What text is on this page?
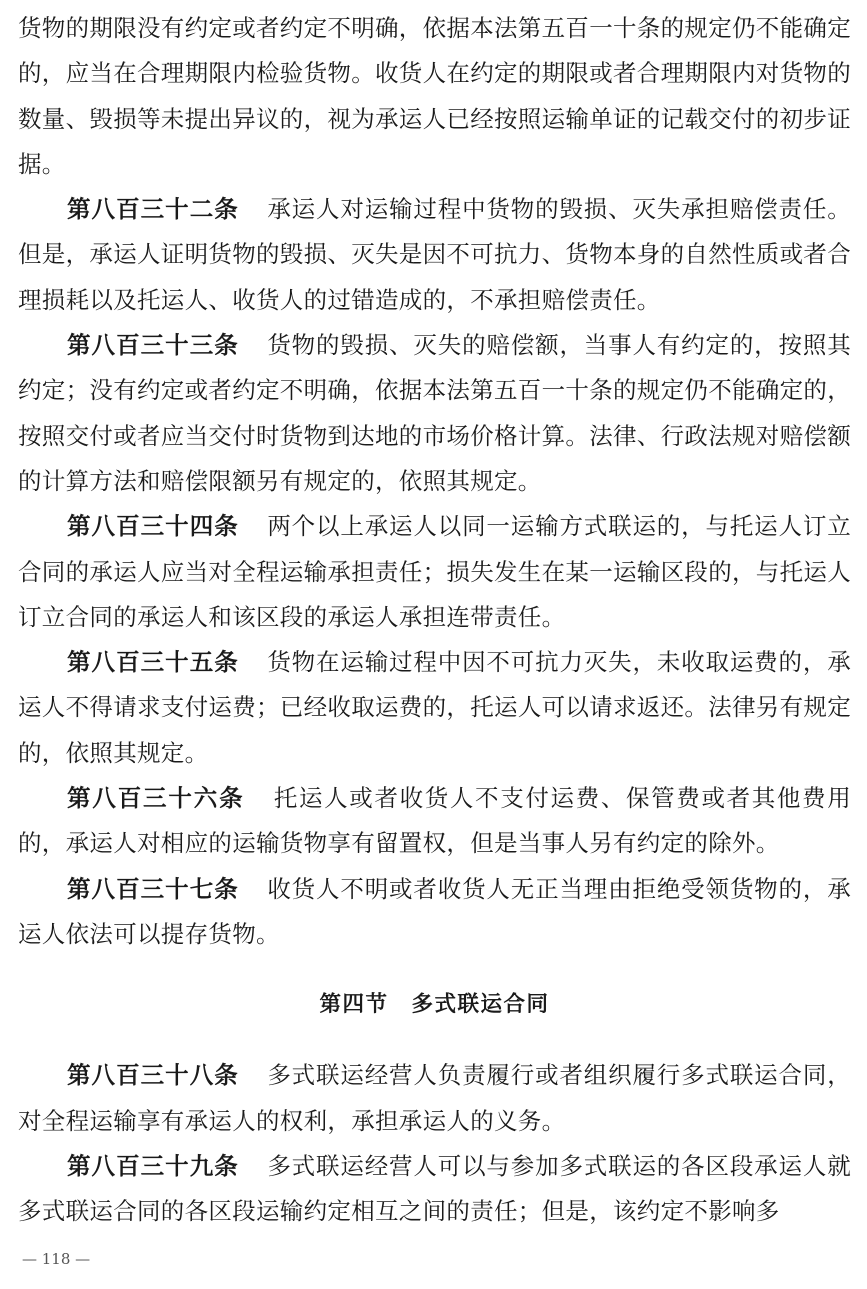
货物的期限没有约定或者约定不明确，依据本法第五百一十条的规定仍不能确定的，应当在合理期限内检验货物。收货人在约定的期限或者合理期限内对货物的数量、毁损等未提出异议的，视为承运人已经按照运输单证的记载交付的初步证据。

第八百三十二条 承运人对运输过程中货物的毁损、灭失承担赔偿责任。但是，承运人证明货物的毁损、灭失是因不可抗力、货物本身的自然性质或者合理损耗以及托运人、收货人的过错造成的，不承担赔偿责任。

第八百三十三条 货物的毁损、灭失的赔偿额，当事人有约定的，按照其约定；没有约定或者约定不明确，依据本法第五百一十条的规定仍不能确定的，按照交付或者应当交付时货物到达地的市场价格计算。法律、行政法规对赔偿额的计算方法和赔偿限额另有规定的，依照其规定。

第八百三十四条 两个以上承运人以同一运输方式联运的，与托运人订立合同的承运人应当对全程运输承担责任；损失发生在某一运输区段的，与托运人订立合同的承运人和该区段的承运人承担连带责任。

第八百三十五条 货物在运输过程中因不可抗力灭失，未收取运费的，承运人不得请求支付运费；已经收取运费的，托运人可以请求返还。法律另有规定的，依照其规定。

第八百三十六条 托运人或者收货人不支付运费、保管费或者其他费用的，承运人对相应的运输货物享有留置权，但是当事人另有约定的除外。

第八百三十七条 收货人不明或者收货人无正当理由拒绝受领货物的，承运人依法可以提存货物。

第四节　多式联运合同

第八百三十八条 多式联运经营人负责履行或者组织履行多式联运合同，对全程运输享有承运人的权利，承担承运人的义务。

第八百三十九条 多式联运经营人可以与参加多式联运的各区段承运人就多式联运合同的各区段运输约定相互之间的责任；但是，该约定不影响多

— 118 —
